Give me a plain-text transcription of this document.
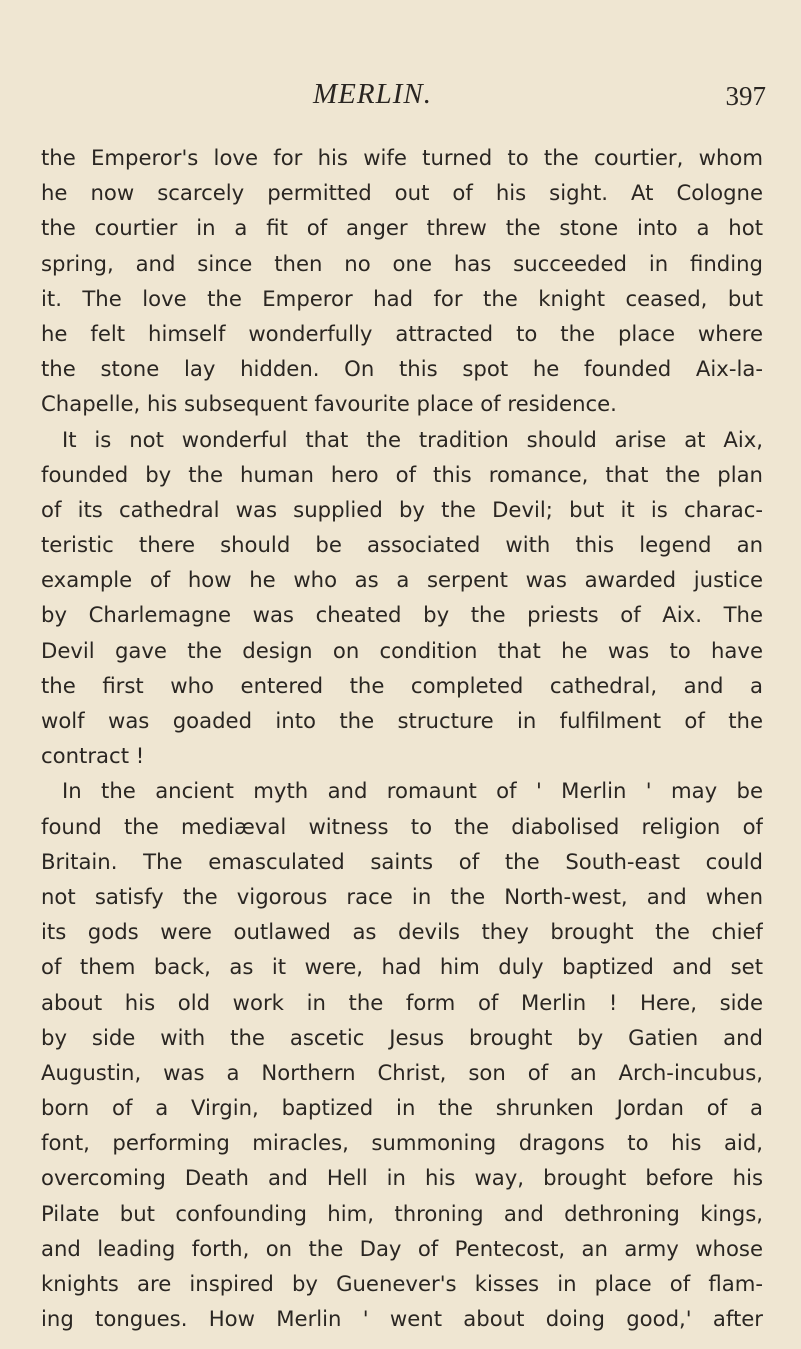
MERLIN.	397
the Emperor's love for his wife turned to the courtier, whom
he now scarcely permitted out of his sight. At Cologne
the courtier in a fit of anger threw the stone into a hot
spring, and since then no one has succeeded in finding
it. The love the Emperor had for the knight ceased, but
he felt himself wonderfully attracted to the place where
the stone lay hidden. On this spot he founded Aix-la-
Chapelle, his subsequent favourite place of residence.
It is not wonderful that the tradition should arise at Aix,
founded by the human hero of this romance, that the plan
of its cathedral was supplied by the Devil; but it is charac-
teristic there should be associated with this legend an
example of how he who as a serpent was awarded justice
by Charlemagne was cheated by the priests of Aix. The
Devil gave the design on condition that he was to have
the first who entered the completed cathedral, and a
wolf was goaded into the structure in fulfilment of the
contract !
In the ancient myth and romaunt of ' Merlin ' may be
found the mediæval witness to the diabolised religion of
Britain. The emasculated saints of the South-east could
not satisfy the vigorous race in the North-west, and when
its gods were outlawed as devils they brought the chief
of them back, as it were, had him duly baptized and set
about his old work in the form of Merlin ! Here, side
by side with the ascetic Jesus brought by Gatien and
Augustin, was a Northern Christ, son of an Arch-incubus,
born of a Virgin, baptized in the shrunken Jordan of a
font, performing miracles, summoning dragons to his aid,
overcoming Death and Hell in his way, brought before his
Pilate but confounding him, throning and dethroning kings,
and leading forth, on the Day of Pentecost, an army whose
knights are inspired by Guenever's kisses in place of flam-
ing tongues. How Merlin ' went about doing good,' after
